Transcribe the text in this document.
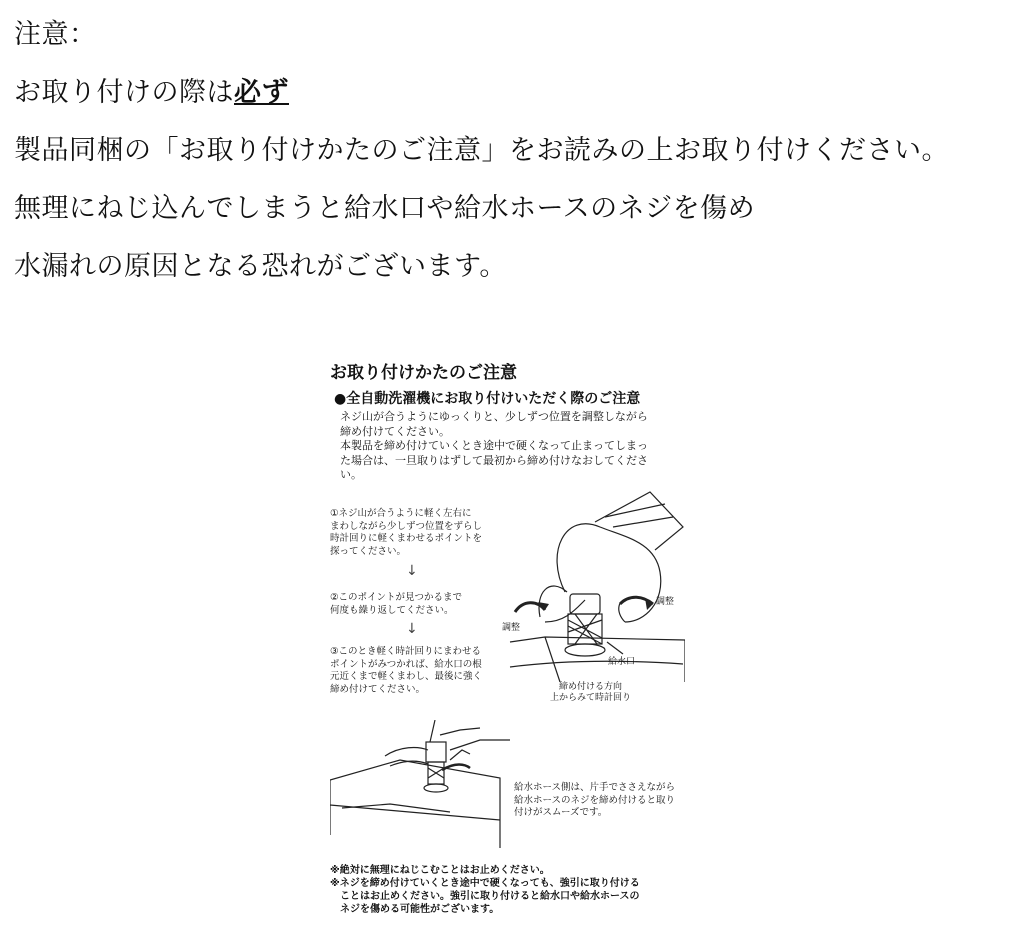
注意：
お取り付けの際は必ず
製品同梱の「お取り付けかたのご注意」をお読みの上お取り付けください。
無理にねじ込んでしまうと給水口や給水ホースのネジを傷め
水漏れの原因となる恐れがございます。
お取り付けかたのご注意
●全自動洗濯機にお取り付けいただく際のご注意
ネジ山が合うようにゆっくりと、少しずつ位置を調整しながら
締め付けてください。
本製品を締め付けていくとき途中で硬くなって止まってしまっ
た場合は、一旦取りはずして最初から締め付けなおしてくださ
い。
①ネジ山が合うように軽く左右に
まわしながら少しずつ位置をずらし
時計回りに軽くまわせるポイントを
探ってください。
↓
②このポイントが見つかるまで
何度も繰り返してください。
↓
③このとき軽く時計回りにまわせる
ポイントがみつかれば、給水口の根
元近くまで軽くまわし、最後に強く
締め付けてください。
調整
調整
給水口
締め付ける方向
上からみて時計回り
給水ホース側は、片手でささえながら
給水ホースのネジを締め付けると取り
付けがスムーズです。
※絶対に無理にねじこむことはお止めください。
※ネジを締め付けていくとき途中で硬くなっても、強引に取り付ける
　ことはお止めください。強引に取り付けると給水口や給水ホースの
　ネジを傷める可能性がございます。
